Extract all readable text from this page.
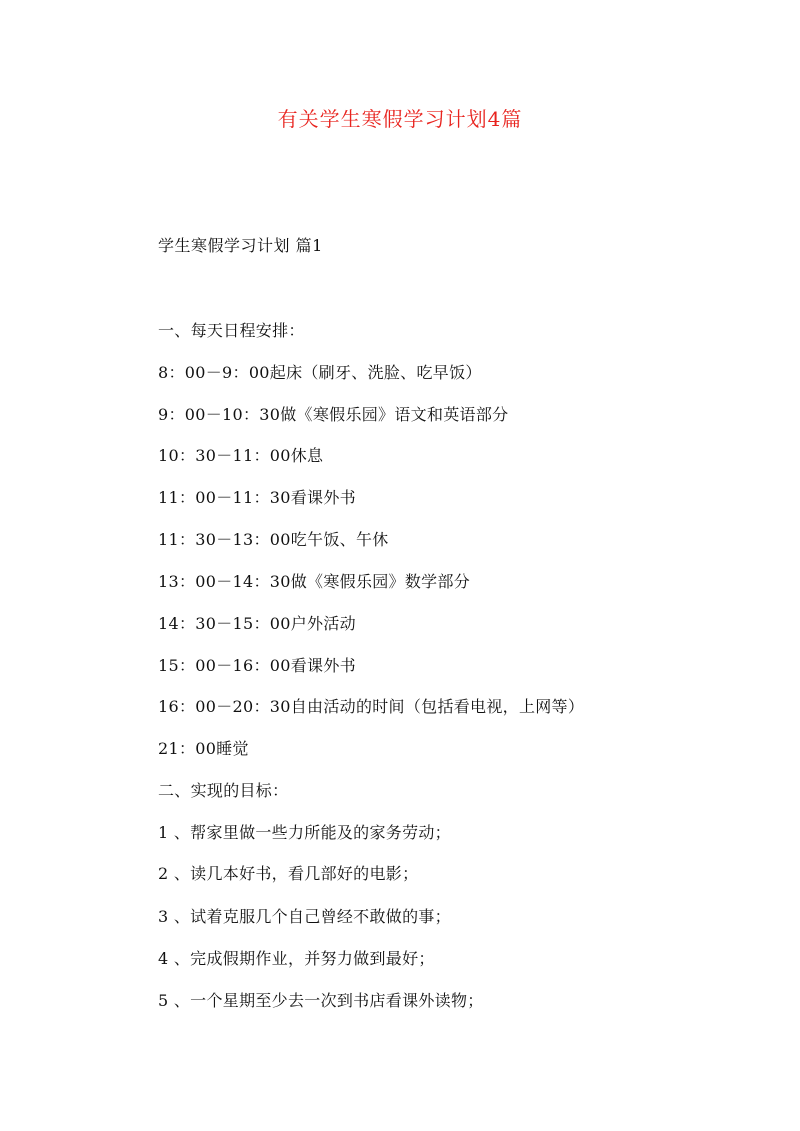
有关学生寒假学习计划4篇
学生寒假学习计划 篇1
一、每天日程安排：
8：00－9：00起床（刷牙、洗脸、吃早饭）
9：00－10：30做《寒假乐园》语文和英语部分
10：30－11：00休息
11：00－11：30看课外书
11：30－13：00吃午饭、午休
13：00－14：30做《寒假乐园》数学部分
14：30－15：00户外活动
15：00－16：00看课外书
16：00－20：30自由活动的时间（包括看电视，上网等）
21：00睡觉
二、实现的目标：
1 、帮家里做一些力所能及的家务劳动；
2 、读几本好书，看几部好的电影；
3 、试着克服几个自己曾经不敢做的事；
4 、完成假期作业，并努力做到最好；
5 、一个星期至少去一次到书店看课外读物；
